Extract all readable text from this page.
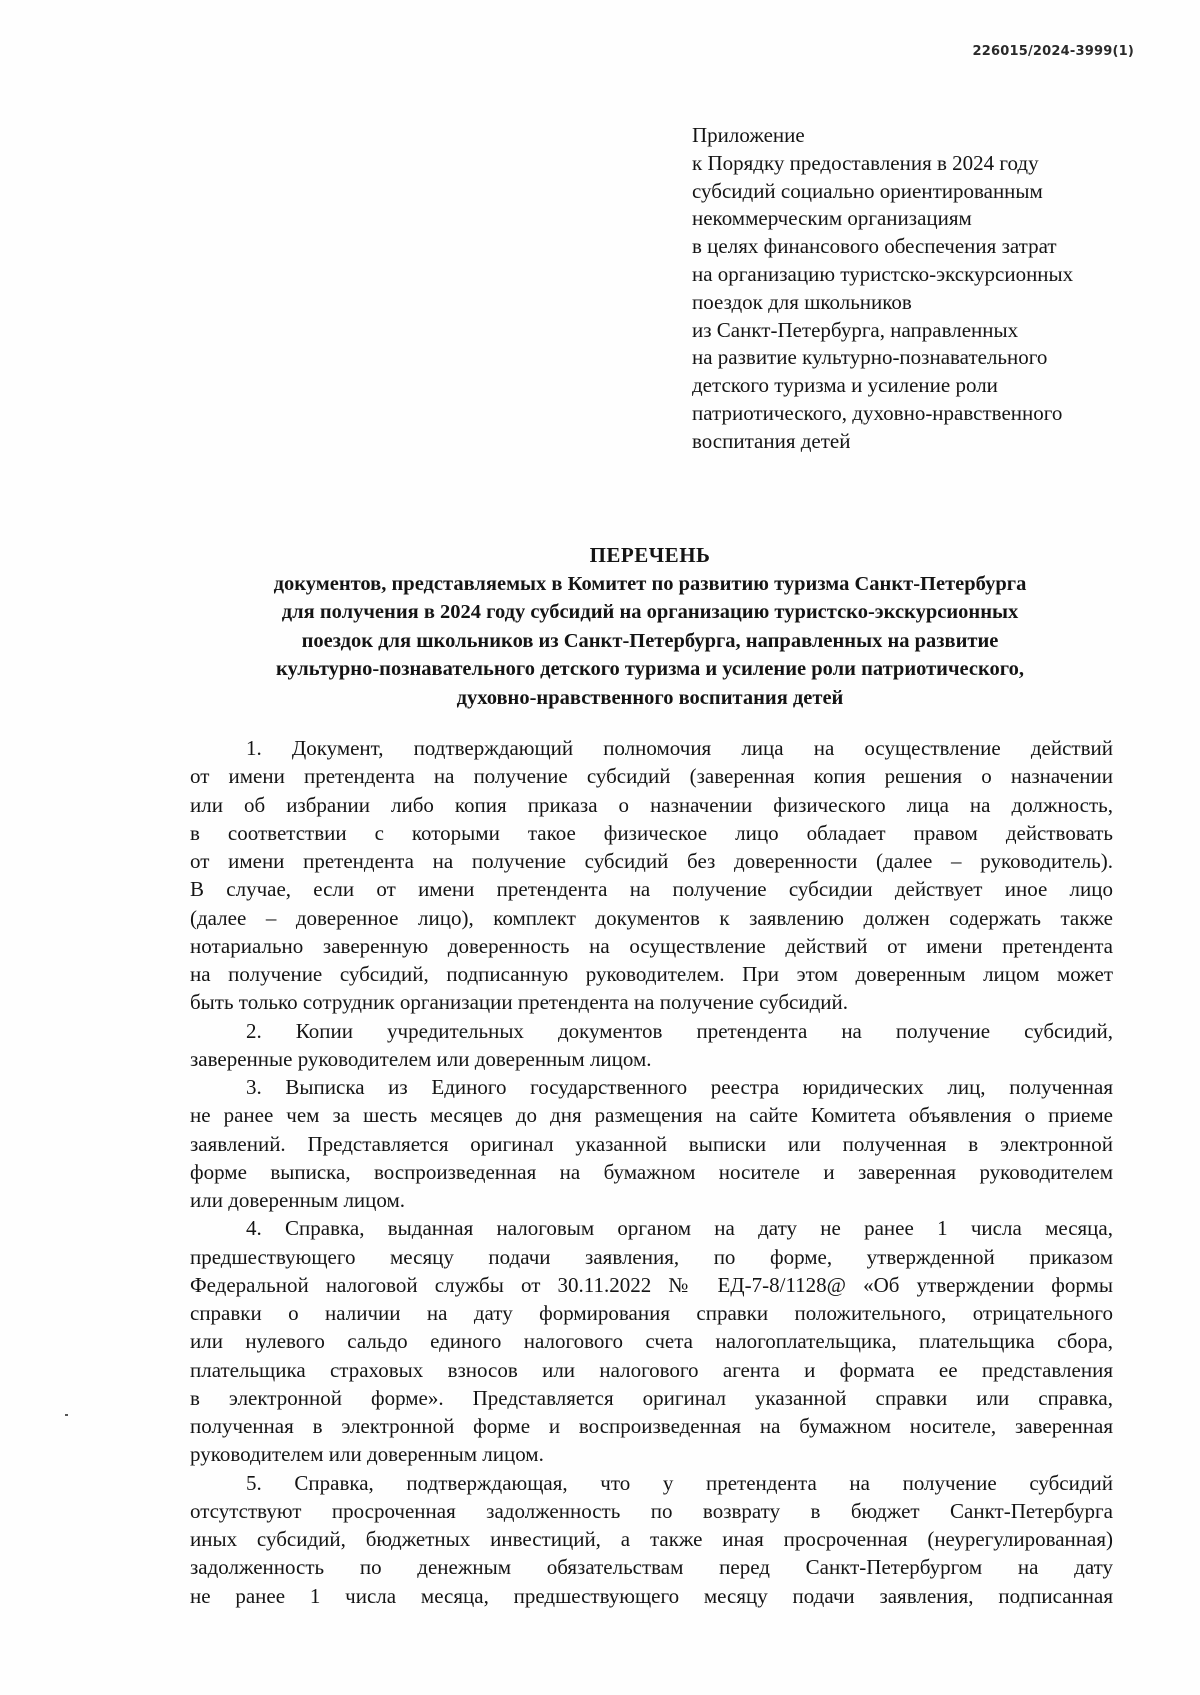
226015/2024-3999(1)
Приложение
к Порядку предоставления в 2024 году
субсидий социально ориентированным
некоммерческим организациям
в целях финансового обеспечения затрат
на организацию туристско-экскурсионных
поездок для школьников
из Санкт-Петербурга, направленных
на развитие культурно-познавательного
детского туризма и усиление роли
патриотического, духовно-нравственного
воспитания детей
ПЕРЕЧЕНЬ
документов, представляемых в Комитет по развитию туризма Санкт-Петербурга
для получения в 2024 году субсидий на организацию туристско-экскурсионных
поездок для школьников из Санкт-Петербурга, направленных на развитие
культурно-познавательного детского туризма и усиление роли патриотического,
духовно-нравственного воспитания детей
1. Документ, подтверждающий полномочия лица на осуществление действий
от имени претендента на получение субсидий (заверенная копия решения о назначении
или об избрании либо копия приказа о назначении физического лица на должность,
в соответствии с которыми такое физическое лицо обладает правом действовать
от имени претендента на получение субсидий без доверенности (далее – руководитель).
В случае, если от имени претендента на получение субсидии действует иное лицо
(далее – доверенное лицо), комплект документов к заявлению должен содержать также
нотариально заверенную доверенность на осуществление действий от имени претендента
на получение субсидий, подписанную руководителем. При этом доверенным лицом может
быть только сотрудник организации претендента на получение субсидий.
2. Копии учредительных документов претендента на получение субсидий,
заверенные руководителем или доверенным лицом.
3. Выписка из Единого государственного реестра юридических лиц, полученная
не ранее чем за шесть месяцев до дня размещения на сайте Комитета объявления о приеме
заявлений. Представляется оригинал указанной выписки или полученная в электронной
форме выписка, воспроизведенная на бумажном носителе и заверенная руководителем
или доверенным лицом.
4. Справка, выданная налоговым органом на дату не ранее 1 числа месяца,
предшествующего месяцу подачи заявления, по форме, утвержденной приказом
Федеральной налоговой службы от 30.11.2022 № ЕД-7-8/1128@ «Об утверждении формы
справки о наличии на дату формирования справки положительного, отрицательного
или нулевого сальдо единого налогового счета налогоплательщика, плательщика сбора,
плательщика страховых взносов или налогового агента и формата ее представления
в электронной форме». Представляется оригинал указанной справки или справка,
полученная в электронной форме и воспроизведенная на бумажном носителе, заверенная
руководителем или доверенным лицом.
5. Справка, подтверждающая, что у претендента на получение субсидий
отсутствуют просроченная задолженность по возврату в бюджет Санкт-Петербурга
иных субсидий, бюджетных инвестиций, а также иная просроченная (неурегулированная)
задолженность по денежным обязательствам перед Санкт-Петербургом на дату
не ранее 1 числа месяца, предшествующего месяцу подачи заявления, подписанная
